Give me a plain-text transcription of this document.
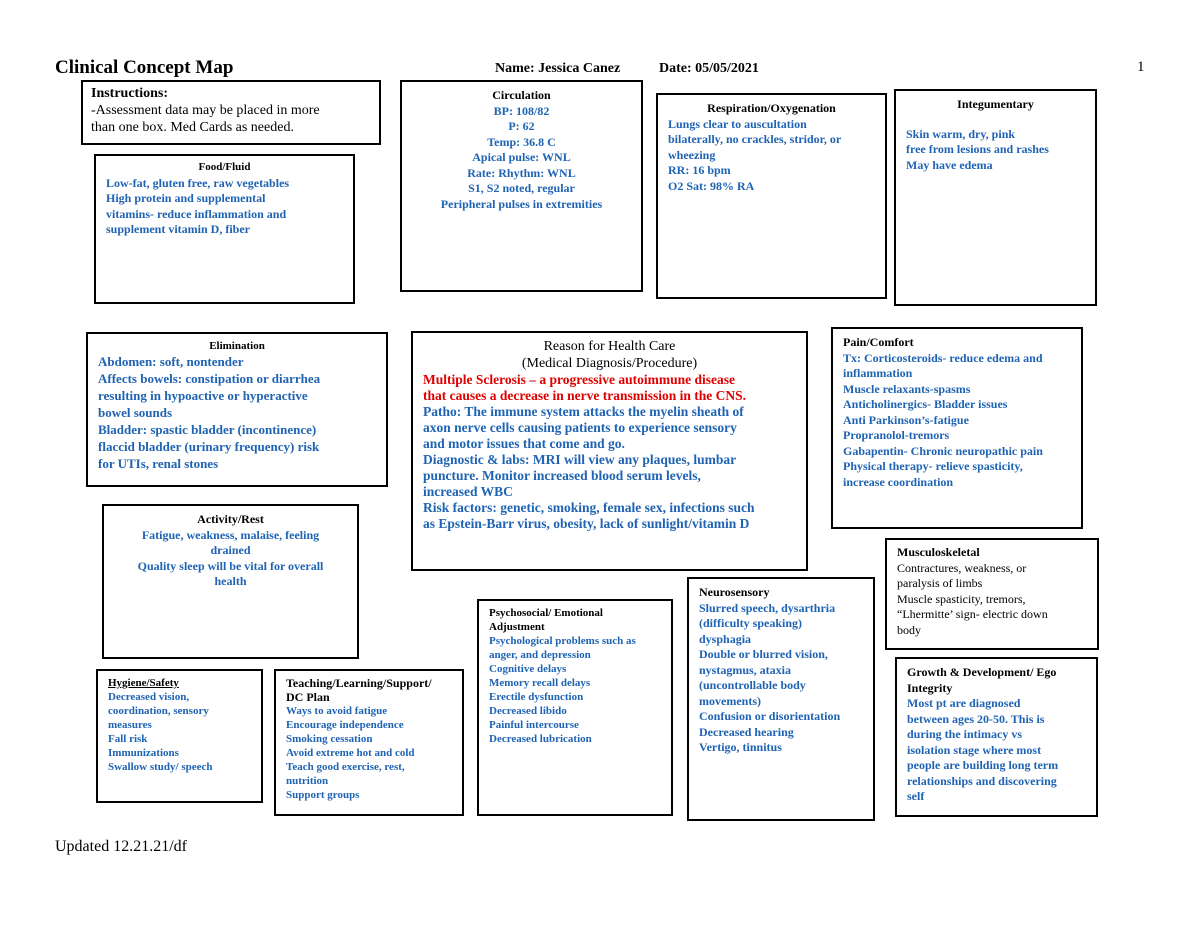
Clinical Concept Map	Name: Jessica Canez	Date: 05/05/2021	1
Instructions:
-Assessment data may be placed in more
than one box. Med Cards as needed.
Food/Fluid
Low-fat, gluten free, raw vegetables
High protein and supplemental
vitamins- reduce inflammation and
supplement vitamin D, fiber
Circulation
BP: 108/82
P: 62
Temp: 36.8 C
Apical pulse: WNL
Rate: Rhythm: WNL
S1, S2 noted, regular
Peripheral pulses in extremities
Respiration/Oxygenation
Lungs clear to auscultation
bilaterally, no crackles, stridor, or
wheezing
RR: 16 bpm
O2 Sat: 98% RA
Integumentary
Skin warm, dry, pink
free from lesions and rashes
May have edema
Elimination
Abdomen: soft, nontender
Affects bowels: constipation or diarrhea
resulting in hypoactive or hyperactive
bowel sounds
Bladder: spastic bladder (incontinence)
flaccid bladder (urinary frequency) risk
for UTIs, renal stones
Reason for Health Care
(Medical Diagnosis/Procedure)
Multiple Sclerosis – a progressive autoimmune disease
that causes a decrease in nerve transmission in the CNS.
Patho: The immune system attacks the myelin sheath of
axon nerve cells causing patients to experience sensory
and motor issues that come and go.
Diagnostic & labs: MRI will view any plaques, lumbar
puncture. Monitor increased blood serum levels,
increased WBC
Risk factors: genetic, smoking, female sex, infections such
as Epstein-Barr virus, obesity, lack of sunlight/vitamin D
Pain/Comfort
Tx: Corticosteroids- reduce edema and
inflammation
Muscle relaxants-spasms
Anticholinergics- Bladder issues
Anti Parkinson’s-fatigue
Propranolol-tremors
Gabapentin- Chronic neuropathic pain
Physical therapy- relieve spasticity,
increase coordination
Activity/Rest
Fatigue, weakness, malaise, feeling
drained
Quality sleep will be vital for overall
health
Musculoskeletal
Contractures, weakness, or
paralysis of limbs
Muscle spasticity, tremors,
“Lhermitte’ sign- electric down
body
Neurosensory
Slurred speech, dysarthria
(difficulty speaking)
dysphagia
Double or blurred vision,
nystagmus, ataxia
(uncontrollable body
movements)
Confusion or disorientation
Decreased hearing
Vertigo, tinnitus
Psychosocial/ Emotional
Adjustment
Psychological problems such as
anger, and depression
Cognitive delays
Memory recall delays
Erectile dysfunction
Decreased libido
Painful intercourse
Decreased lubrication
Growth & Development/ Ego
Integrity
Most pt are diagnosed
between ages 20-50. This is
during the intimacy vs
isolation stage where most
people are building long term
relationships and discovering
self
Hygiene/Safety
Decreased vision,
coordination, sensory
measures
Fall risk
Immunizations
Swallow study/ speech
Teaching/Learning/Support/
DC Plan
Ways to avoid fatigue
Encourage independence
Smoking cessation
Avoid extreme hot and cold
Teach good exercise, rest,
nutrition
Support groups
Updated 12.21.21/df
